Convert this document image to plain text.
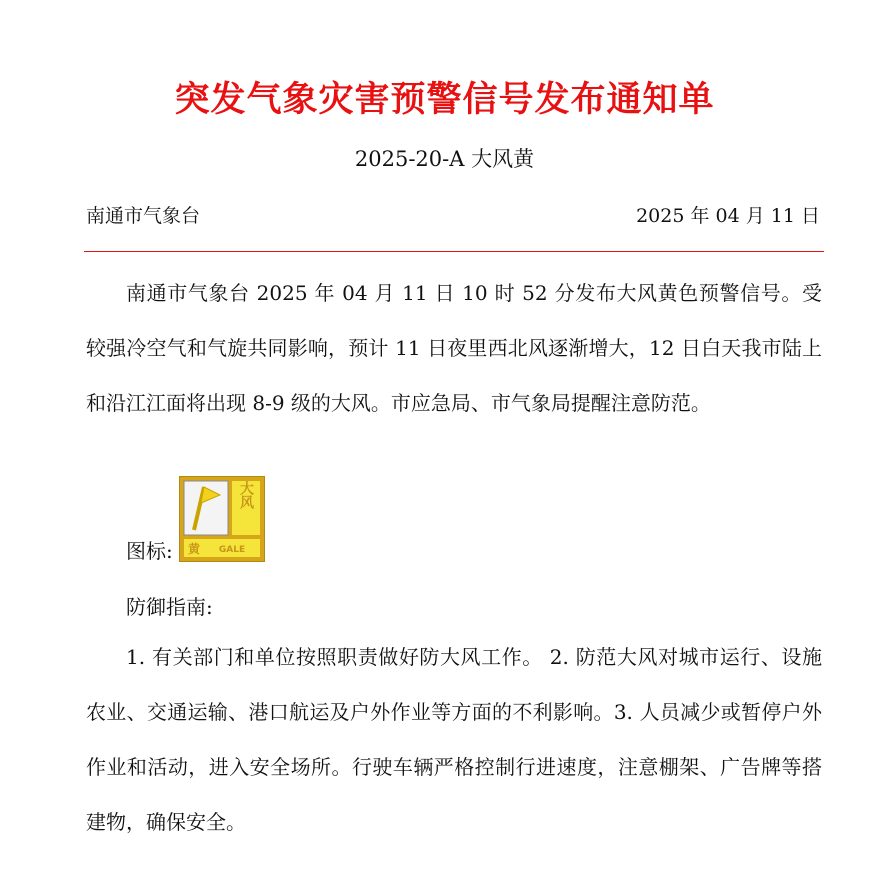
突发气象灾害预警信号发布通知单
2025-20-A 大风黄
南通市气象台	2025 年 04 月 11 日

南通市气象台 2025 年 04 月 11 日 10 时 52 分发布大风黄色预警信号。受较强冷空气和气旋共同影响，预计 11 日夜里西北风逐渐增大，12 日白天我市陆上和沿江江面将出现 8-9 级的大风。市应急局、市气象局提醒注意防范。

图标:
大风
黄 GALE
防御指南:

1. 有关部门和单位按照职责做好防大风工作。 2. 防范大风对城市运行、设施农业、交通运输、港口航运及户外作业等方面的不利影响。3. 人员减少或暂停户外作业和活动，进入安全场所。行驶车辆严格控制行进速度，注意棚架、广告牌等搭建物，确保安全。
